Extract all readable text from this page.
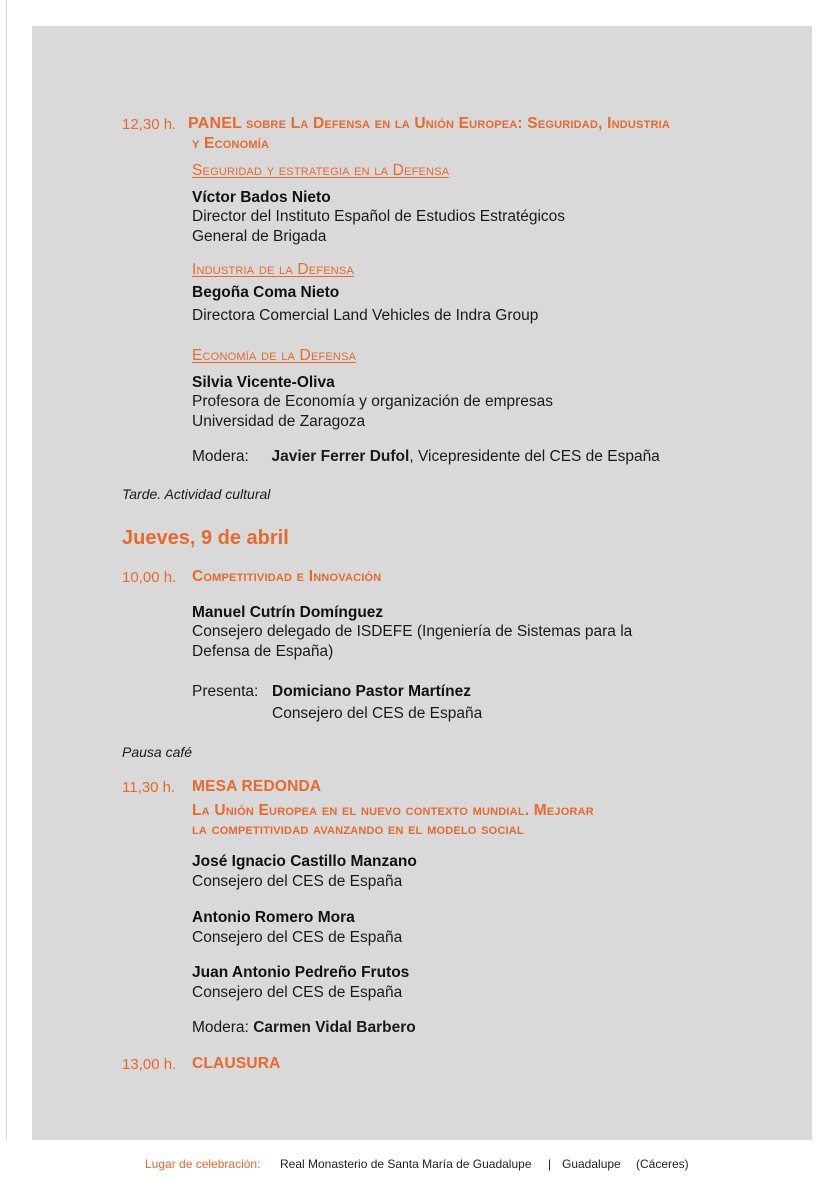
12,30 h. PANEL sobre La Defensa en la Unión Europea: Seguridad, Industria
y Economía
Seguridad y estrategia en la Defensa
Víctor Bados Nieto
Director del Instituto Español de Estudios Estratégicos
General de Brigada
Industria de la Defensa
Begoña Coma Nieto
Directora Comercial Land Vehicles de Indra Group
Economía de la Defensa
Silvia Vicente-Oliva
Profesora de Economía y organización de empresas
Universidad de Zaragoza
Modera: Javier Ferrer Dufol, Vicepresidente del CES de España
Tarde. Actividad cultural
Jueves, 9 de abril
10,00 h. Competitividad e Innovación
Manuel Cutrín Domínguez
Consejero delegado de ISDEFE (Ingeniería de Sistemas para la
Defensa de España)
Presenta: Domiciano Pastor Martínez
Consejero del CES de España
Pausa café
11,30 h. MESA REDONDA
La Unión Europea en el nuevo contexto mundial. Mejorar
la competitividad avanzando en el modelo social
José Ignacio Castillo Manzano
Consejero del CES de España
Antonio Romero Mora
Consejero del CES de España
Juan Antonio Pedreño Frutos
Consejero del CES de España
Modera: Carmen Vidal Barbero
13,00 h. CLAUSURA
Lugar de celebración: Real Monasterio de Santa María de Guadalupe | Guadalupe (Cáceres)
